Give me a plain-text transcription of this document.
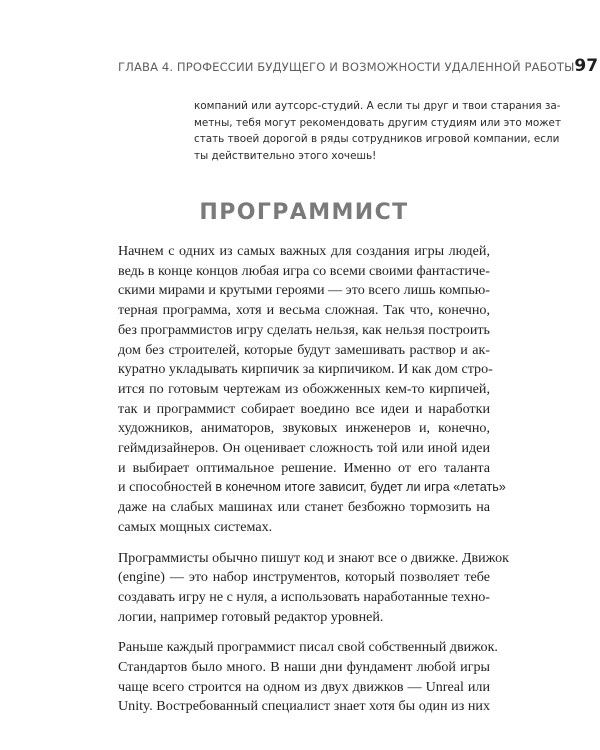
ГЛАВА 4. ПРОФЕССИИ БУДУЩЕГО И ВОЗМОЖНОСТИ УДАЛЕННОЙ РАБОТЫ 97
компаний или аутсорс-студий. А если ты друг и твои старания за-
метны, тебя могут рекомендовать другим студиям или это может
стать твоей дорогой в ряды сотрудников игровой компании, если
ты действительно этого хочешь!
ПРОГРАММИСТ

Начнем с одних из самых важных для создания игры людей,
ведь в конце концов любая игра со всеми своими фантастиче-
скими мирами и крутыми героями — это всего лишь компью-
терная программа, хотя и весьма сложная. Так что, конечно,
без программистов игру сделать нельзя, как нельзя построить
дом без строителей, которые будут замешивать раствор и ак-
куратно укладывать кирпичик за кирпичиком. И как дом стро-
ится по готовым чертежам из обожженных кем-то кирпичей,
так и программист собирает воедино все идеи и наработки
художников, аниматоров, звуковых инженеров и, конечно,
геймдизайнеров. Он оценивает сложность той или иной идеи
и выбирает оптимальное решение. Именно от его таланта
и способностей в конечном итоге зависит, будет ли игра «летать»
даже на слабых машинах или станет безбожно тормозить на
самых мощных системах.

Программисты обычно пишут код и знают все о движке. Движок
(engine) — это набор инструментов, который позволяет тебе
создавать игру не с нуля, а использовать наработанные техно-
логии, например готовый редактор уровней.

Раньше каждый программист писал свой собственный движок.
Стандартов было много. В наши дни фундамент любой игры
чаще всего строится на одном из двух движков — Unreal или
Unity. Востребованный специалист знает хотя бы один из них
